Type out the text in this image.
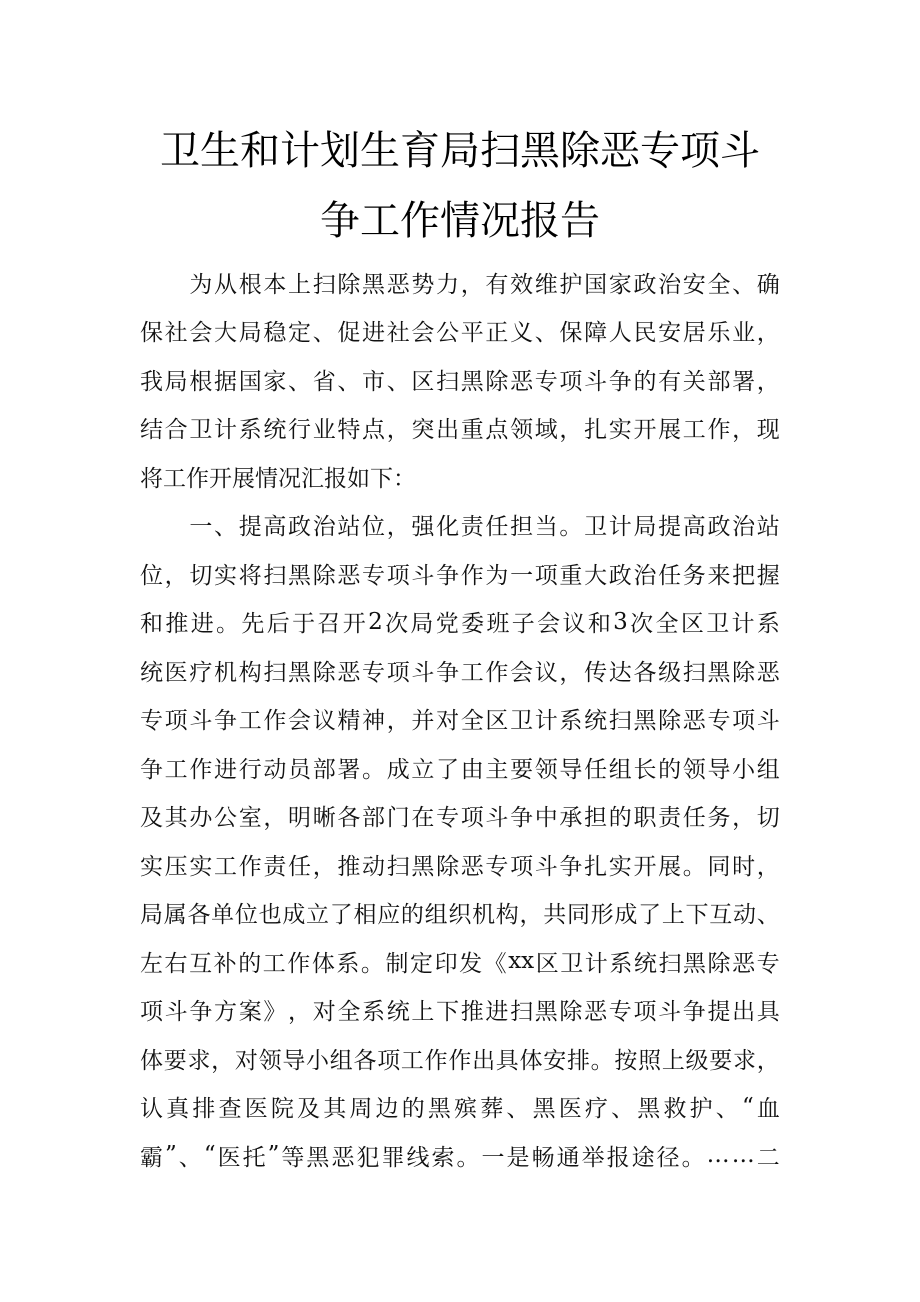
卫生和计划生育局扫黑除恶专项斗
争工作情况报告

为 从 根 本 上 扫 除 黑 恶 势 力 ， 有 效 维 护 国 家 政 治 安 全 、 确
保 社 会 大 局 稳 定 、 促 进 社 会 公 平 正 义 、 保 障 人 民 安 居 乐 业 ，
我 局 根 据 国 家 、 省 、 市 、 区 扫 黑 除 恶 专 项 斗 争 的 有 关 部 署 ，
结 合 卫 计 系 统 行 业 特 点 ， 突 出 重 点 领 域 ， 扎 实 开 展 工 作 ， 现
将 工 作 开 展 情 况 汇 报 如 下 ：

一 、 提 高 政 治 站 位 ， 强 化 责 任 担 当 。 卫 计 局 提 高 政 治 站
位 ， 切 实 将 扫 黑 除 恶 专 项 斗 争 作 为 一 项 重 大 政 治 任 务 来 把 握
和 推 进 。 先 后 于 召 开 2 次 局 党 委 班 子 会 议 和 3 次 全 区 卫 计 系
统 医 疗 机 构 扫 黑 除 恶 专 项 斗 争 工 作 会 议 ， 传 达 各 级 扫 黑 除 恶
专 项 斗 争 工 作 会 议 精 神 ， 并 对 全 区 卫 计 系 统 扫 黑 除 恶 专 项 斗
争 工 作 进 行 动 员 部 署 。 成 立 了 由 主 要 领 导 任 组 长 的 领 导 小 组
及 其 办 公 室 ， 明 晰 各 部 门 在 专 项 斗 争 中 承 担 的 职 责 任 务 ， 切
实 压 实 工 作 责 任 ， 推 动 扫 黑 除 恶 专 项 斗 争 扎 实 开 展 。 同 时 ，
局 属 各 单 位 也 成 立 了 相 应 的 组 织 机 构 ， 共 同 形 成 了 上 下 互 动 、
左 右 互 补 的 工 作 体 系 。 制 定 印 发 《 xx 区 卫 计 系 统 扫 黑 除 恶 专
项 斗 争 方 案 》 ， 对 全 系 统 上 下 推 进 扫 黑 除 恶 专 项 斗 争 提 出 具
体 要 求 ， 对 领 导 小 组 各 项 工 作 作 出 具 体 安 排 。 按 照 上 级 要 求 ，
认 真 排 查 医 院 及 其 周 边 的 黑 殡 葬 、 黑 医 疗 、 黑 救 护 、 “ 血
霸 ” 、 “ 医 托 ” 等 黑 恶 犯 罪 线 索 。 一 是 畅 通 举 报 途 径 。 … … 二
